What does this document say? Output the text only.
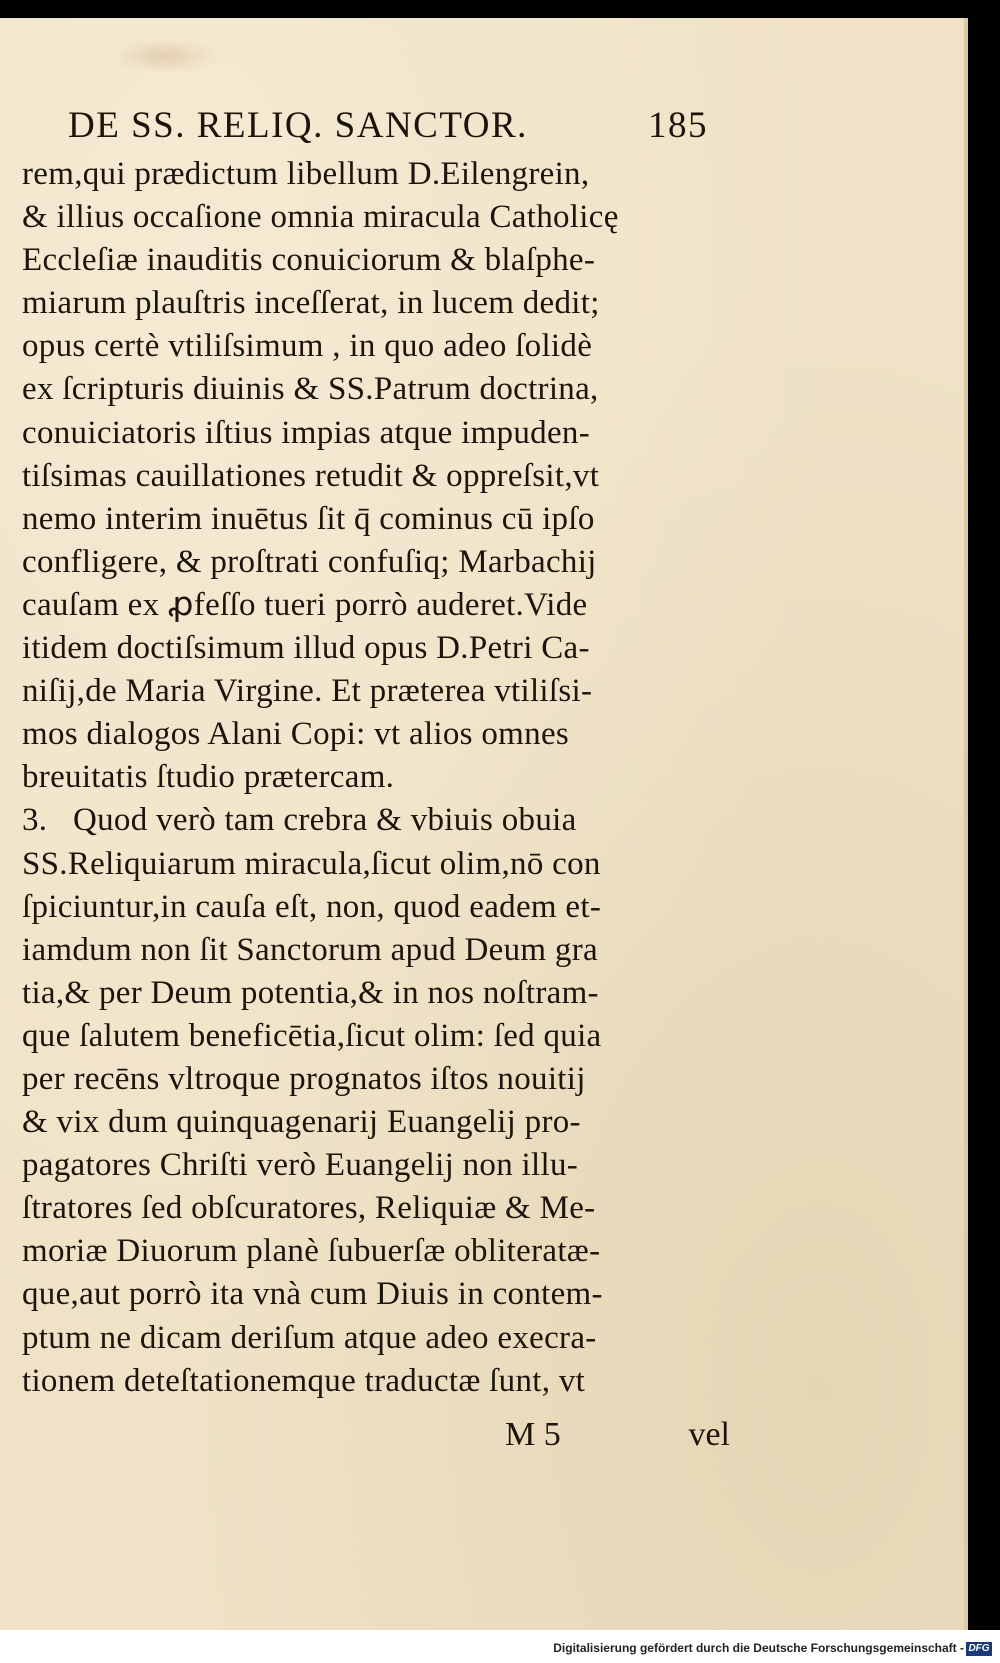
DE SS. RELIQ. SANCTOR.	185
rem,qui prædictum libellum D.Eilengrein,
& illius occaſione omnia miracula Catholicę
Eccleſiæ inauditis conuiciorum & blaſphe-
miarum plauſtris inceſſerat, in lucem dedit;
opus certè vtiliſsimum , in quo adeo ſolidè
ex ſcripturis diuinis & SS.Patrum doctrina,
conuiciatoris iſtius impias atque impuden-
tiſsimas cauillationes retudit & oppreſsit,vt
nemo interim inuētus ſit q̄ cominus cū ipſo
confligere, & proſtrati confuſiq; Marbachij
cauſam ex ꝓfeſſo tueri porrò auderet.Vide
itidem doctiſsimum illud opus D.Petri Ca-
niſij,de Maria Virgine. Et præterea vtiliſsi-
mos dialogos Alani Copi: vt alios omnes
breuitatis ſtudio prætercam.
3.   Quod verò tam crebra & vbiuis obuia
SS.Reliquiarum miracula,ſicut olim,nō con
ſpiciuntur,in cauſa eſt, non, quod eadem et-
iamdum non ſit Sanctorum apud Deum gra
tia,& per Deum potentia,& in nos noſtram-
que ſalutem beneficētia,ſicut olim: ſed quia
per recēns vltroque prognatos iſtos nouitij
& vix dum quinquagenarij Euangelij pro-
pagatores Chriſti verò Euangelij non illu-
ſtratores ſed obſcuratores, Reliquiæ & Me-
moriæ Diuorum planè ſubuerſæ obliteratæ-
que,aut porrò ita vnà cum Diuis in contem-
ptum ne dicam deriſum atque adeo execra-
tionem deteſtationemque traductæ ſunt, vt
M 5	vel
Digitalisierung gefördert durch die Deutsche Forschungsgemeinschaft - DFG
